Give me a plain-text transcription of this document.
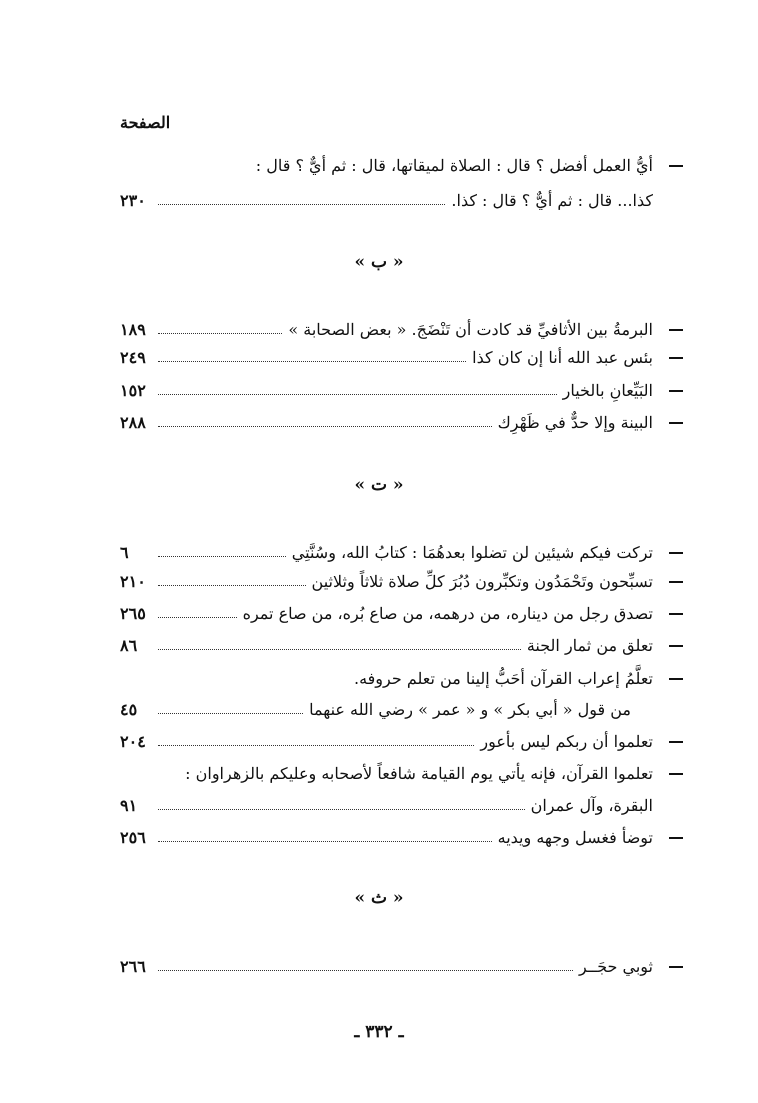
الصفحة
أيُّ العمل أفضل ؟ قال : الصلاة لميقاتها، قال : ثم أيٌّ ؟ قال :
كذا... قال : ثم أيٌّ ؟ قال : كذا.
٢٣٠
« ب »
البرمةُ بين الأثافيِّ قد كادت أن تَنْضَجَ. « بعض الصحابة »
١٨٩
بئس عبد الله أنا إن كان كذا
٢٤٩
البَيِّعانِ بالخيار
١٥٢
البينة وإلا حدٌّ في ظَهْرِك
٢٨٨
« ت »
تركت فيكم شيئين لن تضلوا بعدهُمَا : كتابُ الله، وسُنَّتِي
٦
تسبِّحون وتَحْمَدُون وتكبِّرون دُبُرَ كلِّ صلاة ثلاثاً وثلاثين
٢١٠
تصدق رجل من ديناره، من درهمه، من صاع بُره، من صاع تمره
٢٦٥
تعلق من ثمار الجنة
٨٦
تعلَّمُ إعراب القرآن أحَبُّ إلينا من تعلم حروفه.
من قول « أبي بكر » و « عمر » رضي الله عنهما
٤٥
تعلموا أن ربكم ليس بأعور
٢٠٤
تعلموا القرآن، فإنه يأتي يوم القيامة شافعاً لأصحابه وعليكم بالزهراوان :
البقرة، وآل عمران
٩١
توضأ فغسل وجهه ويديه
٢٥٦
« ث »
ثوبي حجَــر
٢٦٦
ـ ٣٣٢ ـ
